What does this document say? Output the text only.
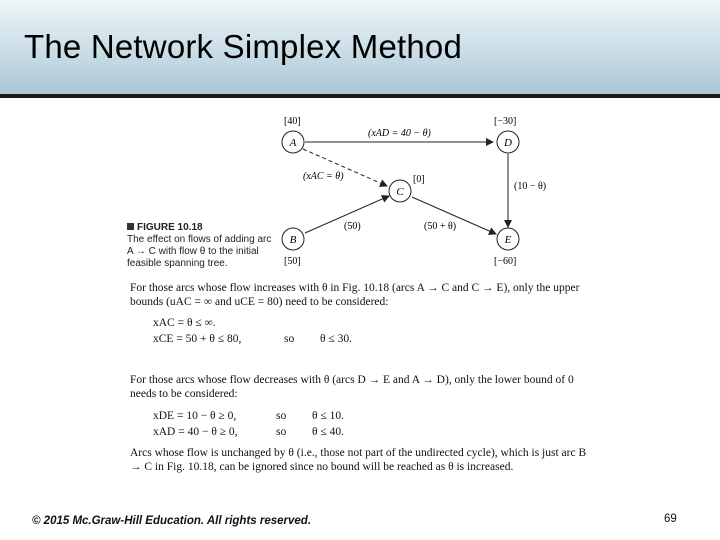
The Network Simplex Method
A
B
C
D
E
[40]
[50]
[0]
[−30]
[−60]
(xAD = 40 − θ)
(xAC = θ)
(50)	(50 + θ)
(10 − θ)
FIGURE 10.18
The effect on flows of adding arc A → C with flow θ to the initial feasible spanning tree.
For those arcs whose flow increases with θ in Fig. 10.18 (arcs A → C and C → E), only the upper bounds (uAC = ∞ and uCE = 80) need to be considered:
xAC = θ ≤ ∞.
xCE = 50 + θ ≤ 80,	so θ ≤ 30.
For those arcs whose flow decreases with θ (arcs D → E and A → D), only the lower bound of 0 needs to be considered:
xDE = 10 − θ ≥ 0,	so θ ≤ 10.
xAD = 40 − θ ≥ 0,	so θ ≤ 40.
Arcs whose flow is unchanged by θ (i.e., those not part of the undirected cycle), which is just arc B → C in Fig. 10.18, can be ignored since no bound will be reached as θ is increased.
© 2015 Mc.Graw-Hill Education. All rights reserved.	69
